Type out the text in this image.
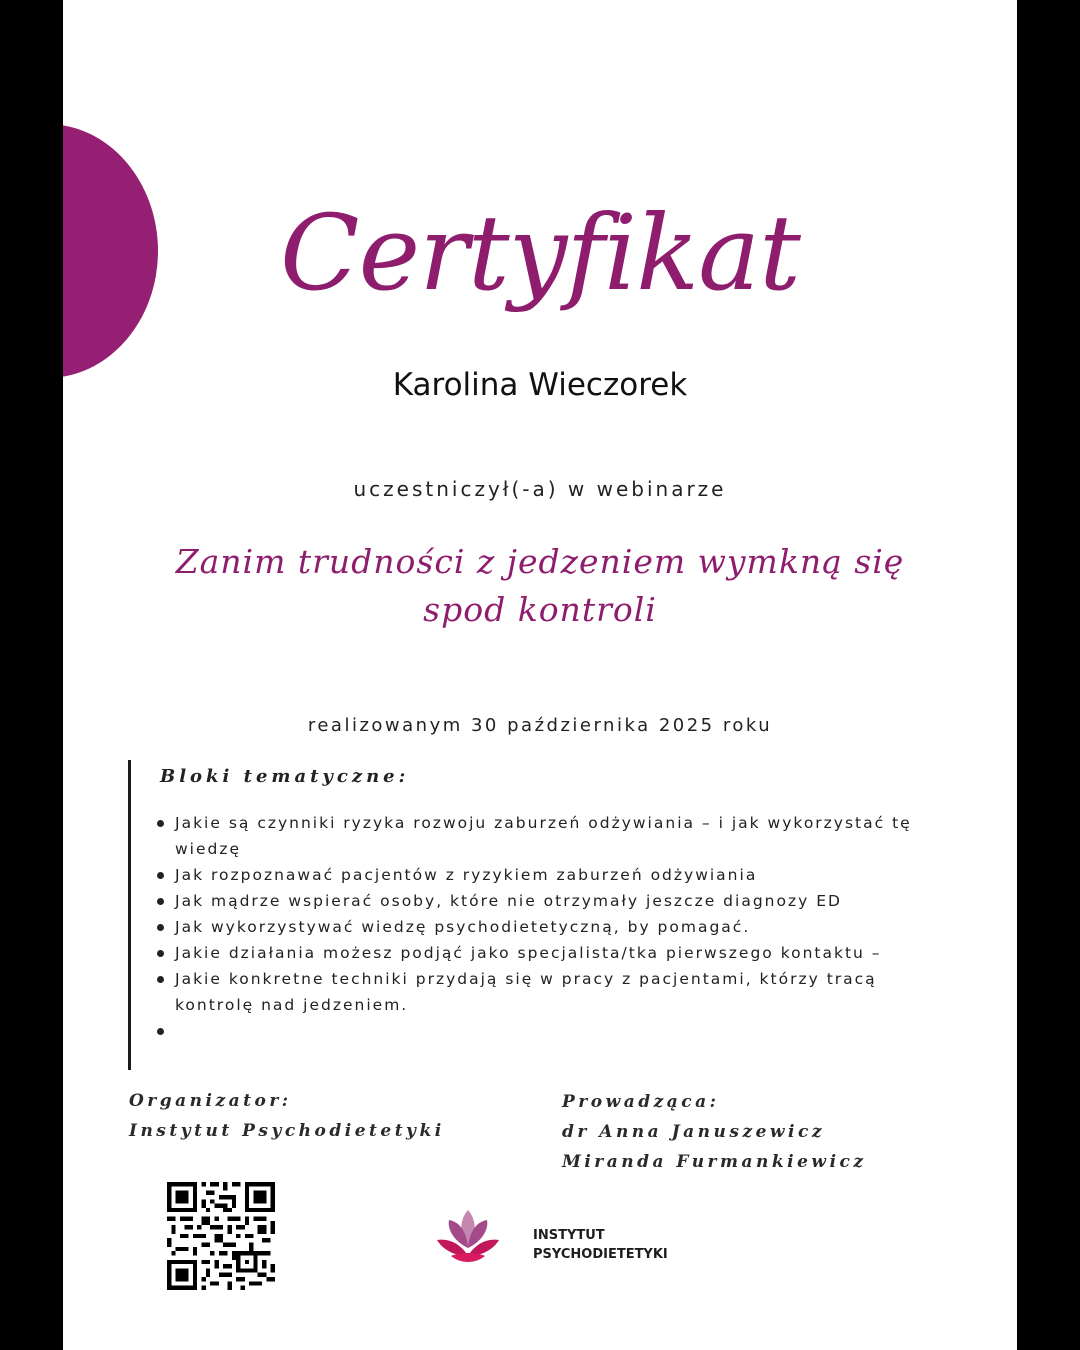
Certyfikat
Karolina Wieczorek
uczestniczył(-a) w webinarze
Zanim trudności z jedzeniem wymkną się
spod kontroli
realizowanym 30 października 2025 roku
Bloki tematyczne:
Jakie są czynniki ryzyka rozwoju zaburzeń odżywiania – i jak wykorzystać tę wiedzę
Jak rozpoznawać pacjentów z ryzykiem zaburzeń odżywiania
Jak mądrze wspierać osoby, które nie otrzymały jeszcze diagnozy ED
Jak wykorzystywać wiedzę psychodietetyczną, by pomagać.
Jakie działania możesz podjąć jako specjalista/tka pierwszego kontaktu –
Jakie konkretne techniki przydają się w pracy z pacjentami, którzy tracą kontrolę nad jedzeniem.
Organizator:
Instytut Psychodietetyki
Prowadząca:
dr Anna Januszewicz
Miranda Furmankiewicz
INSTYTUT
PSYCHODIETETYKI
